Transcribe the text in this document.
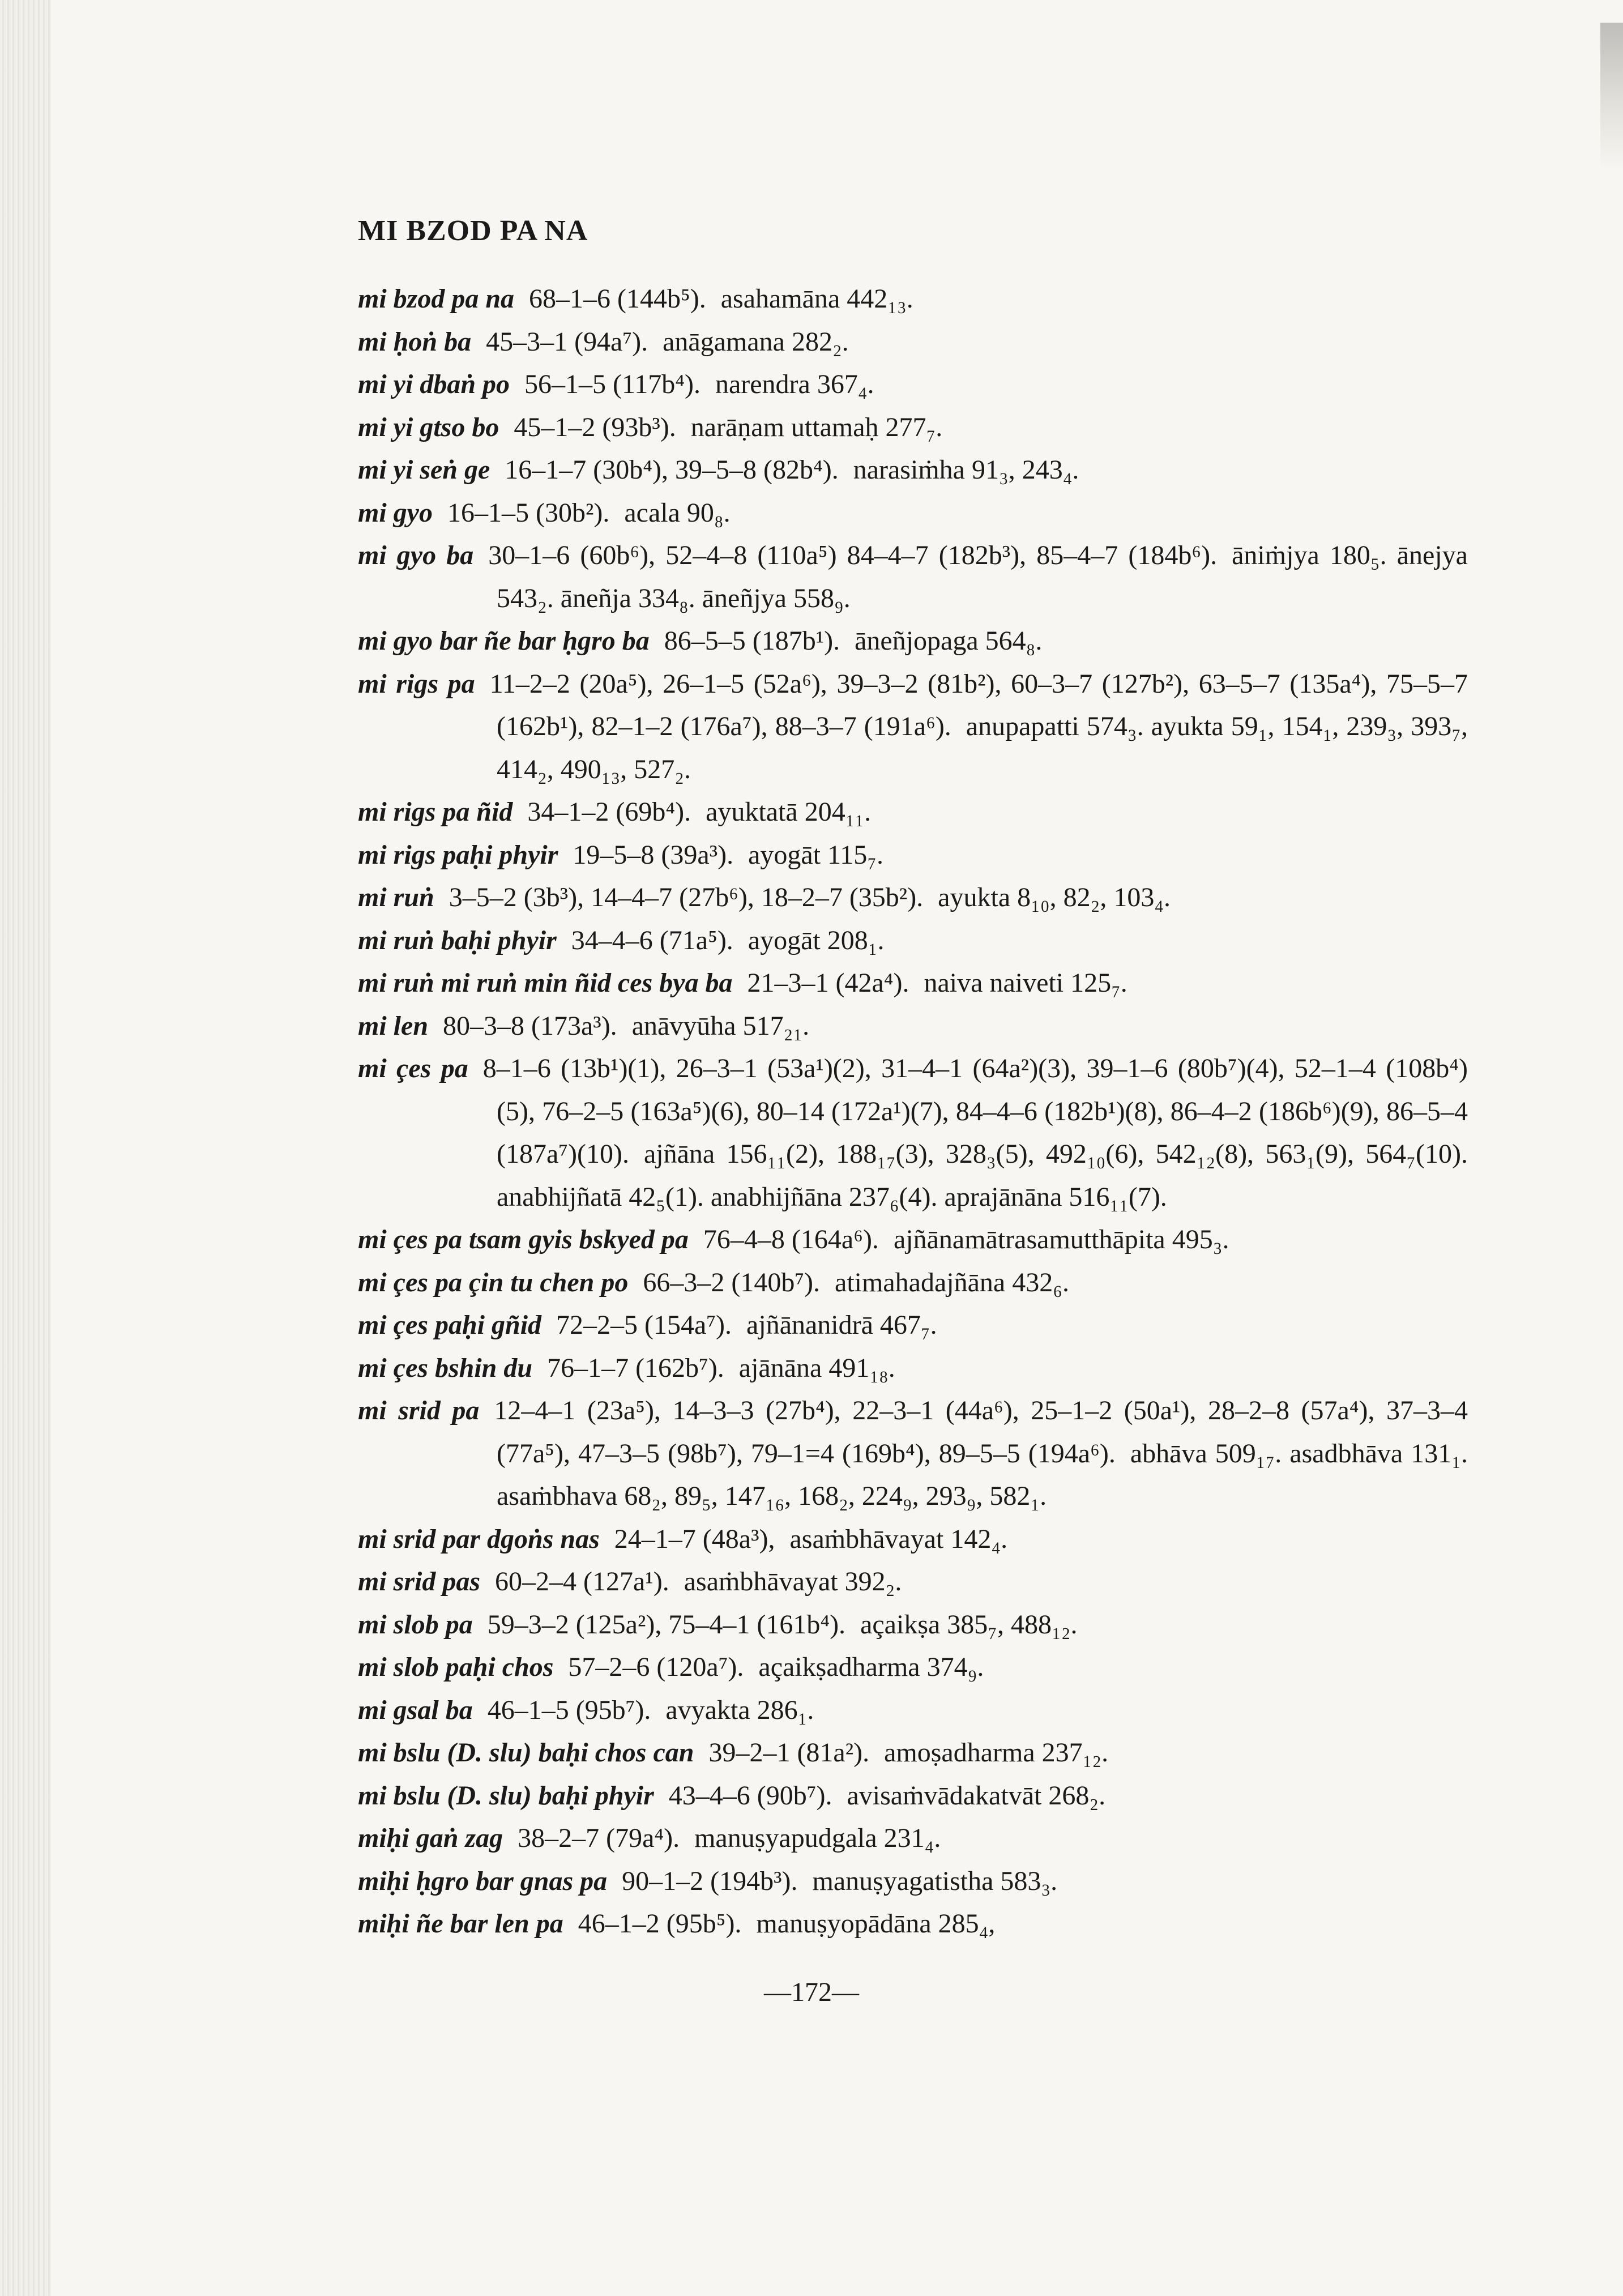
MI BZOD PA NA

mi bzod pa na 68–1–6 (144b⁵). asahamāna 442₁₃.

mi ḥoṅ ba 45–3–1 (94a⁷). anāgamana 282₂.

mi yi dbaṅ po 56–1–5 (117b⁴). narendra 367₄.

mi yi gtso bo 45–1–2 (93b³). narāṇam uttamaḥ 277₇.

mi yi seṅ ge 16–1–7 (30b⁴), 39–5–8 (82b⁴). narasiṁha 91₃, 243₄.

mi gyo 16–1–5 (30b²). acala 90₈.

mi gyo ba 30–1–6 (60b⁶), 52–4–8 (110a⁵) 84–4–7 (182b³), 85–4–7 (184b⁶). āniṁjya 180₅. ānejya 543₂. āneñja 334₈. āneñjya 558₉.

mi gyo bar ñe bar ḥgro ba 86–5–5 (187b¹). āneñjopaga 564₈.

mi rigs pa 11–2–2 (20a⁵), 26–1–5 (52a⁶), 39–3–2 (81b²), 60–3–7 (127b²), 63–5–7 (135a⁴), 75–5–7 (162b¹), 82–1–2 (176a⁷), 88–3–7 (191a⁶). anupapatti 574₃. ayukta 59₁, 154₁, 239₃, 393₇, 414₂, 490₁₃, 527₂.

mi rigs pa ñid 34–1–2 (69b⁴). ayuktatā 204₁₁.

mi rigs paḥi phyir 19–5–8 (39a³). ayogāt 115₇.

mi ruṅ 3–5–2 (3b³), 14–4–7 (27b⁶), 18–2–7 (35b²). ayukta 8₁₀, 82₂, 103₄.

mi ruṅ baḥi phyir 34–4–6 (71a⁵). ayogāt 208₁.

mi ruṅ mi ruṅ min ñid ces bya ba 21–3–1 (42a⁴). naiva naiveti 125₇.

mi len 80–3–8 (173a³). anāvyūha 517₂₁.

mi çes pa 8–1–6 (13b¹)(1), 26–3–1 (53a¹)(2), 31–4–1 (64a²)(3), 39–1–6 (80b⁷)(4), 52–1–4 (108b⁴)(5), 76–2–5 (163a⁵)(6), 80–14 (172a¹)(7), 84–4–6 (182b¹)(8), 86–4–2 (186b⁶)(9), 86–5–4 (187a⁷)(10). ajñāna 156₁₁(2), 188₁₇(3), 328₃(5), 492₁₀(6), 542₁₂(8), 563₁(9), 564₇(10). anabhijñatā 42₅(1). anabhijñāna 237₆(4). aprajānāna 516₁₁(7).

mi çes pa tsam gyis bskyed pa 76–4–8 (164a⁶). ajñānamātrasamutthāpita 495₃.

mi çes pa çin tu chen po 66–3–2 (140b⁷). atimahadajñāna 432₆.

mi çes paḥi gñid 72–2–5 (154a⁷). ajñānanidrā 467₇.

mi çes bshin du 76–1–7 (162b⁷). ajānāna 491₁₈.

mi srid pa 12–4–1 (23a⁵), 14–3–3 (27b⁴), 22–3–1 (44a⁶), 25–1–2 (50a¹), 28–2–8 (57a⁴), 37–3–4 (77a⁵), 47–3–5 (98b⁷), 79–1=4 (169b⁴), 89–5–5 (194a⁶). abhāva 509₁₇. asadbhāva 131₁. asaṁbhava 68₂, 89₅, 147₁₆, 168₂, 224₉, 293₉, 582₁.

mi srid par dgoṅs nas 24–1–7 (48a³), asaṁbhāvayat 142₄.

mi srid pas 60–2–4 (127a¹). asaṁbhāvayat 392₂.

mi slob pa 59–3–2 (125a²), 75–4–1 (161b⁴). açaikṣa 385₇, 488₁₂.

mi slob paḥi chos 57–2–6 (120a⁷). açaikṣadharma 374₉.

mi gsal ba 46–1–5 (95b⁷). avyakta 286₁.

mi bslu (D. slu) baḥi chos can 39–2–1 (81a²). amoṣadharma 237₁₂.

mi bslu (D. slu) baḥi phyir 43–4–6 (90b⁷). avisaṁvādakatvāt 268₂.

miḥi gaṅ zag 38–2–7 (79a⁴). manuṣyapudgala 231₄.

miḥi ḥgro bar gnas pa 90–1–2 (194b³). manuṣyagatistha 583₃.

miḥi ñe bar len pa 46–1–2 (95b⁵). manuṣyopādāna 285₄,

—172—
